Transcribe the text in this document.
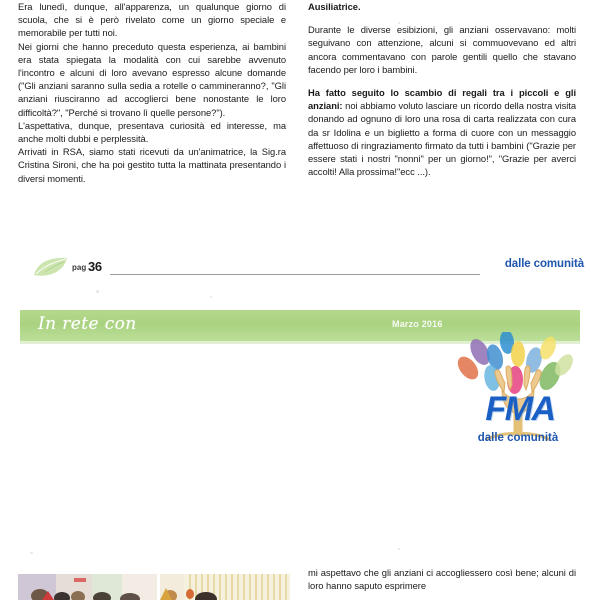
Era lunedì, dunque, all'apparenza, un qualunque giorno di scuola, che si è però rivelato come un giorno speciale e memorabile per tutti noi.

Nei giorni che hanno preceduto questa esperienza, ai bambini era stata spiegata la modalità con cui sarebbe avvenuto l'incontro e alcuni di loro avevano espresso alcune domande ("Gli anziani saranno sulla sedia a rotelle o cammineranno?, "Gli anziani riusciranno ad accoglierci bene nonostante le loro difficoltà?", "Perché si trovano lì quelle persone?").

L'aspettativa, dunque, presentava curiosità ed interesse, ma anche molti dubbi e perplessità.

Arrivati in RSA, siamo stati ricevuti da un'animatrice, la Sig.ra Cristina Sironi, che ha poi gestito tutta la mattinata presentando i diversi momenti.

Ausiliatrice.

Durante le diverse esibizioni, gli anziani osservavano: molti seguivano con attenzione, alcuni si commuovevano ed altri ancora commentavano con parole gentili quello che stavano facendo per loro i bambini.

Ha fatto seguito lo scambio di regali tra i piccoli e gli anziani: noi abbiamo voluto lasciare un ricordo della nostra visita donando ad ognuno di loro una rosa di carta realizzata con cura da sr Idolina e un biglietto a forma di cuore con un messaggio affettuoso di ringraziamento firmato da tutti i bambini ("Grazie per essere stati i nostri "nonni" per un giorno!", "Grazie per averci accolti! Alla prossima!"ecc ...).

pag 36	dalle comunità
In rete con	Marzo 2016
FMA
dalle comunità

mi aspettavo che gli anziani ci accogliessero così bene; alcuni di loro hanno saputo esprimere
